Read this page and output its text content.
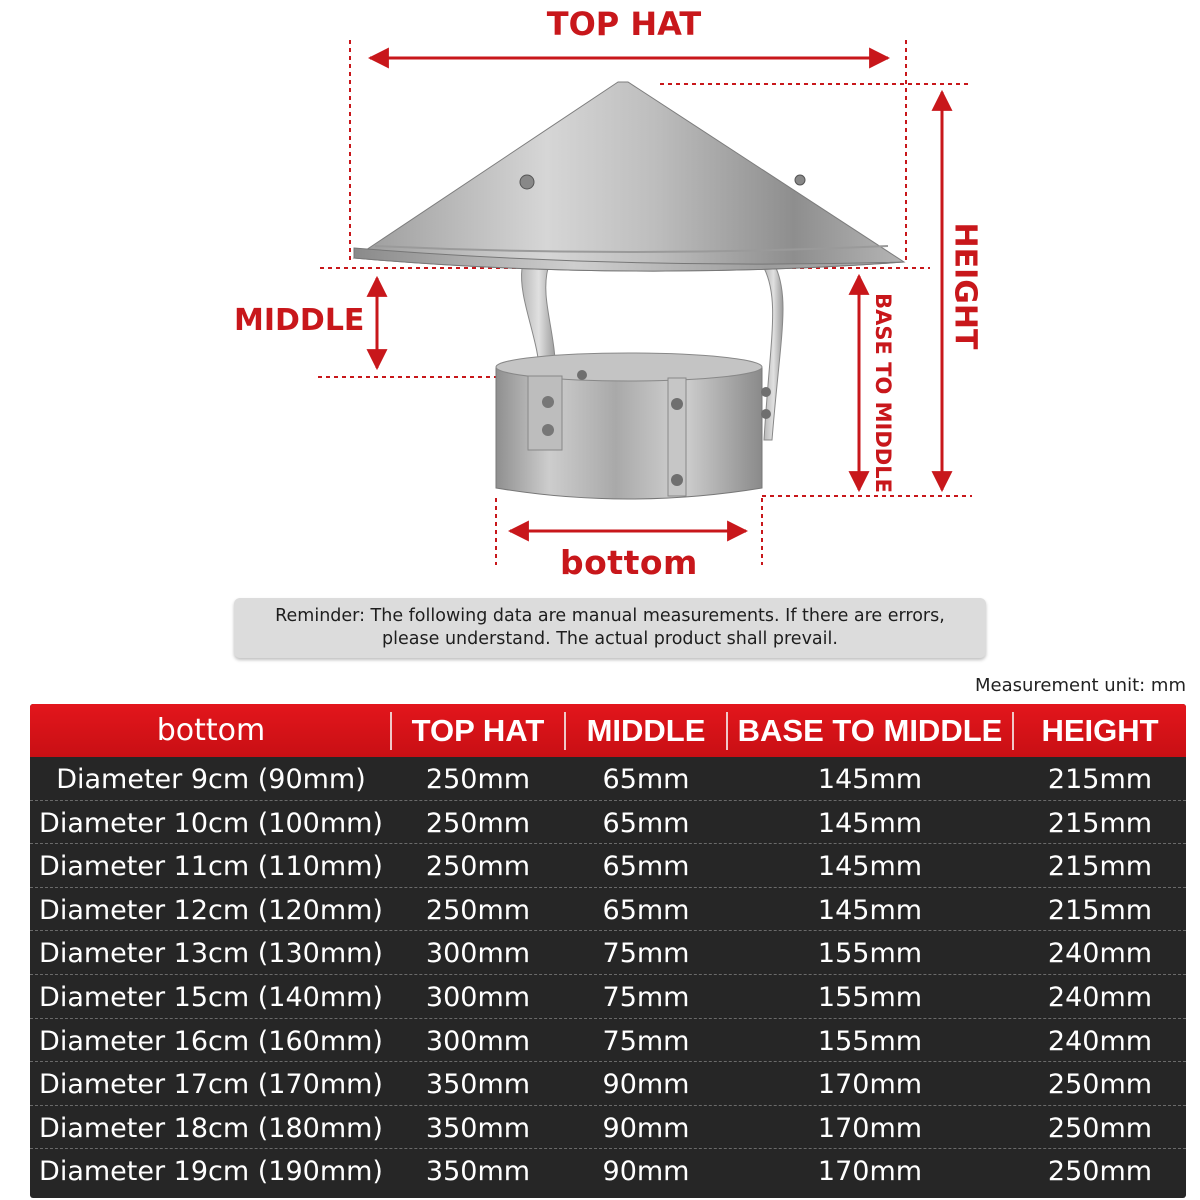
TOP HAT
MIDDLE
bottom
HEIGHT
BASE TO MIDDLE
Reminder: The following data are manual measurements. If there are errors,
please understand. The actual product shall prevail.
Measurement unit: mm
bottom	TOP HAT	MIDDLE	BASE TO MIDDLE	HEIGHT
Diameter 9cm (90mm)	250mm	65mm	145mm	215mm
Diameter 10cm (100mm)	250mm	65mm	145mm	215mm
Diameter 11cm (110mm)	250mm	65mm	145mm	215mm
Diameter 12cm (120mm)	250mm	65mm	145mm	215mm
Diameter 13cm (130mm)	300mm	75mm	155mm	240mm
Diameter 15cm (140mm)	300mm	75mm	155mm	240mm
Diameter 16cm (160mm)	300mm	75mm	155mm	240mm
Diameter 17cm (170mm)	350mm	90mm	170mm	250mm
Diameter 18cm (180mm)	350mm	90mm	170mm	250mm
Diameter 19cm (190mm)	350mm	90mm	170mm	250mm
